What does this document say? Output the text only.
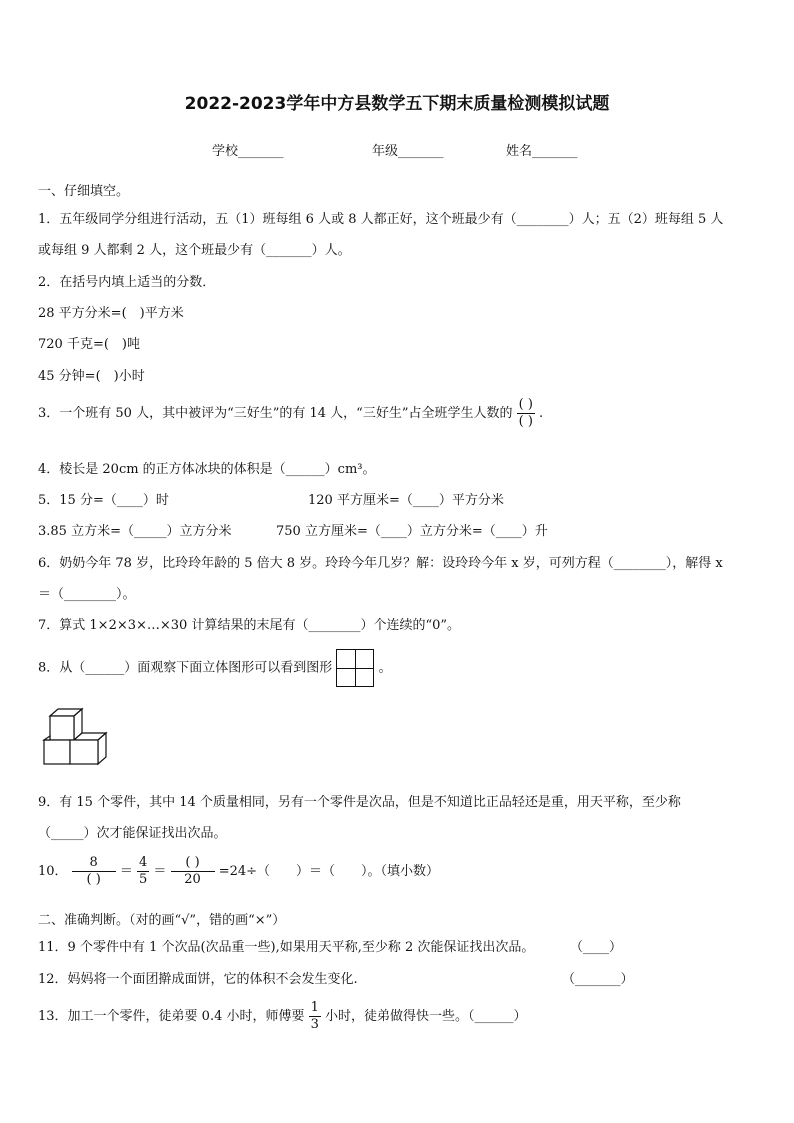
2022-2023学年中方县数学五下期末质量检测模拟试题
学校_______	年级_______	姓名_______
一、仔细填空。
1．五年级同学分组进行活动，五（1）班每组 6 人或 8 人都正好，这个班最少有（________）人；五（2）班每组 5 人
或每组 9 人都剩 2 人，这个班最少有（_______）人。
2．在括号内填上适当的分数．
28 平方分米=(　)平方米
720 千克=(　)吨
45 分钟=(　)小时
3．一个班有 50 人，其中被评为“三好生”的有 14 人，“三好生”占全班学生人数的 $\frac{( )}{( )}$ .
4．棱长是 20cm 的正方体冰块的体积是（______）cm³。
5．15 分=（____）时	120 平方厘米=（____）平方分米
3.85 立方米=（_____）立方分米	750 立方厘米=（____）立方分米=（____）升
6．奶奶今年 78 岁，比玲玲年龄的 5 倍大 8 岁。玲玲今年几岁？解：设玲玲今年 x 岁，可列方程（________），解得 x
＝（________）。
7．算式 1×2×3×…×30 计算结果的末尾有（________）个连续的“0”。
8．从（______）面观察下面立体图形可以看到图形	。
9．有 15 个零件，其中 14 个质量相同，另有一个零件是次品，但是不知道比正品轻还是重，用天平称，至少称
（_____）次才能保证找出次品。
10． $\frac{8}{( )} = \frac{4}{5} = \frac{( )}{20} =24\div$（　　）＝（　　）。（填小数）
二、准确判断。（对的画“√”，错的画“×”）
11．9 个零件中有 1 个次品(次品重一些),如果用天平称,至少称 2 次能保证找出次品。	（____）
12．妈妈将一个面团擀成面饼，它的体积不会发生变化.	（_______）
13．加工一个零件，徒弟要 0.4 小时，师傅要 $\frac{1}{3}$ 小时，徒弟做得快一些。（______）
